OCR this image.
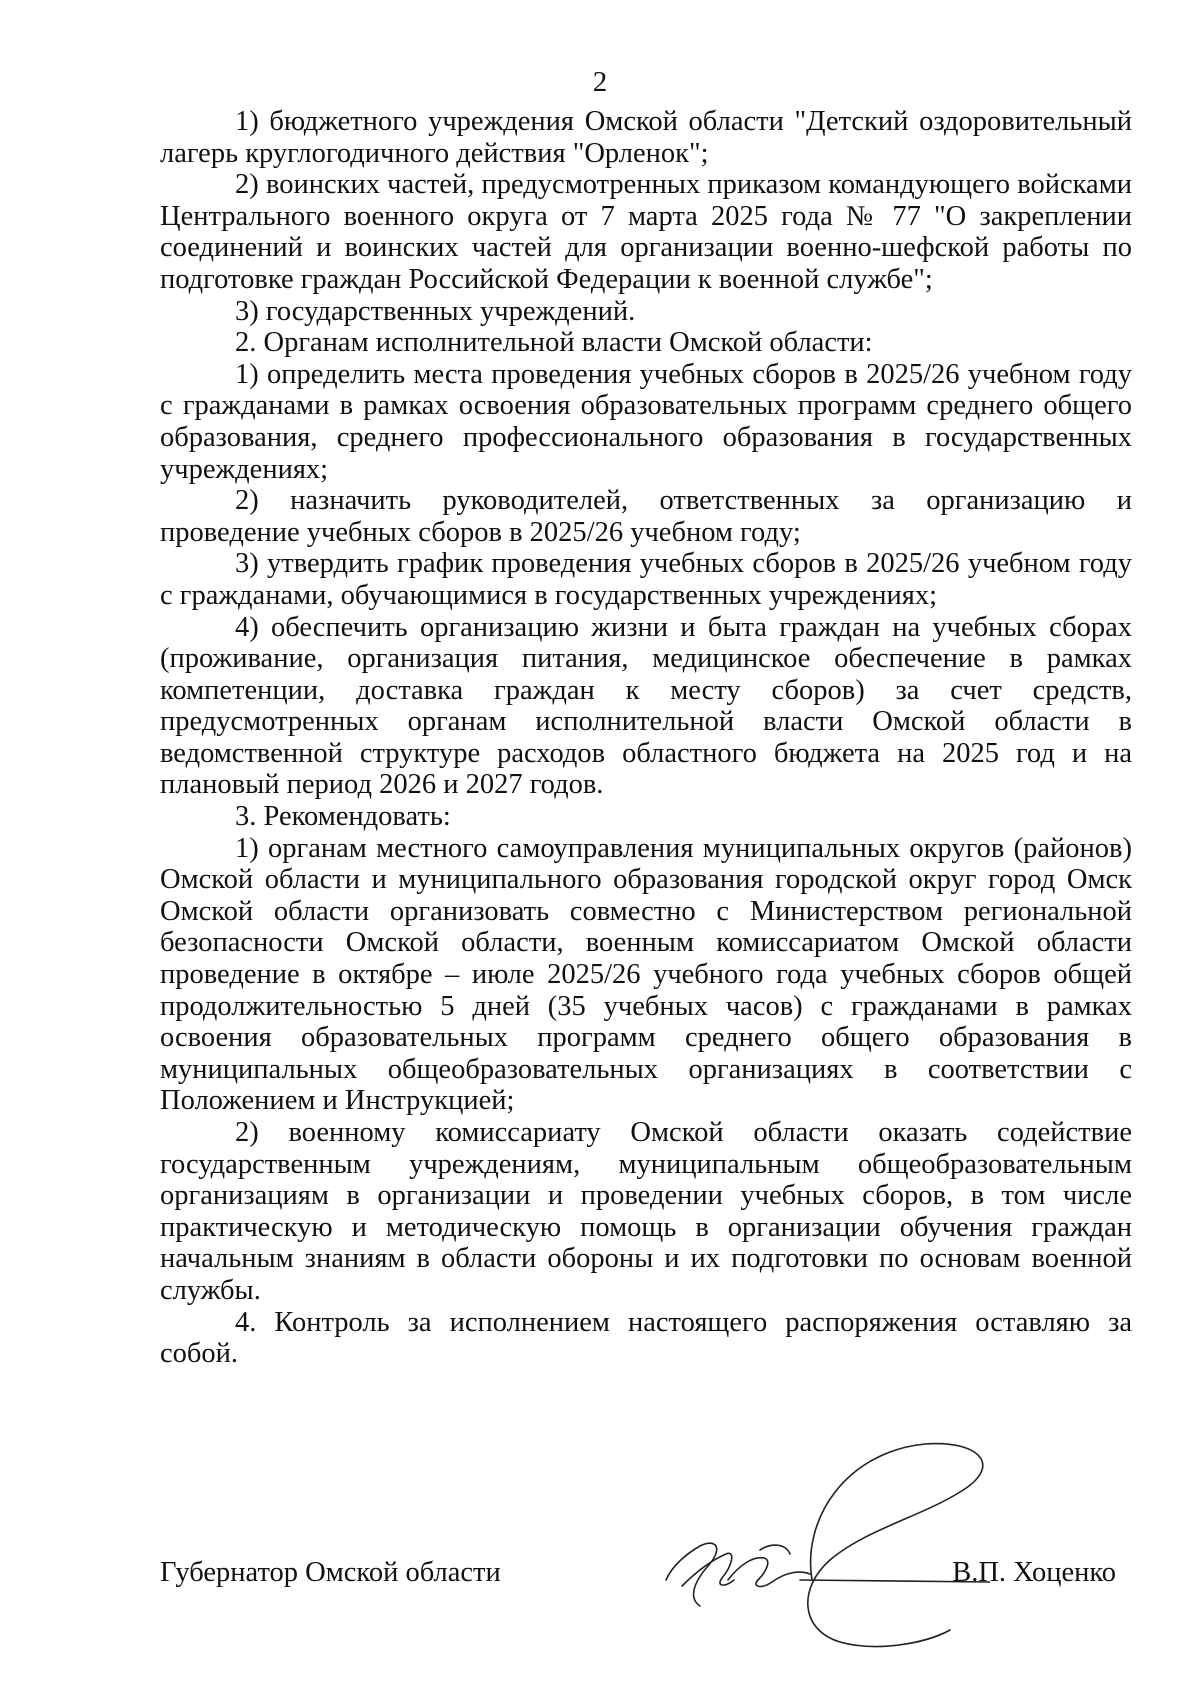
2

1) бюджетного учреждения Омской области "Детский оздоровительный лагерь круглогодичного действия "Орленок";

2) воинских частей, предусмотренных приказом командующего войсками Центрального военного округа от 7 марта 2025 года № 77 "О закреплении соединений и воинских частей для организации военно-шефской работы по подготовке граждан Российской Федерации к военной службе";

3) государственных учреждений.

2. Органам исполнительной власти Омской области:

1) определить места проведения учебных сборов в 2025/26 учебном году с гражданами в рамках освоения образовательных программ среднего общего образования, среднего профессионального образования в государственных учреждениях;

2) назначить руководителей, ответственных за организацию и проведение учебных сборов в 2025/26 учебном году;

3) утвердить график проведения учебных сборов в 2025/26 учебном году с гражданами, обучающимися в государственных учреждениях;

4) обеспечить организацию жизни и быта граждан на учебных сборах (проживание, организация питания, медицинское обеспечение в рамках компетенции, доставка граждан к месту сборов) за счет средств, предусмотренных органам исполнительной власти Омской области в ведомственной структуре расходов областного бюджета на 2025 год и на плановый период 2026 и 2027 годов.

3. Рекомендовать:

1) органам местного самоуправления муниципальных округов (районов) Омской области и муниципального образования городской округ город Омск Омской области организовать совместно с Министерством региональной безопасности Омской области, военным комиссариатом Омской области проведение в октябре – июле 2025/26 учебного года учебных сборов общей продолжительностью 5 дней (35 учебных часов) с гражданами в рамках освоения образовательных программ среднего общего образования в муниципальных общеобразовательных организациях в соответствии с Положением и Инструкцией;

2) военному комиссариату Омской области оказать содействие государственным учреждениям, муниципальным общеобразовательным организациям в организации и проведении учебных сборов, в том числе практическую и методическую помощь в организации обучения граждан начальным знаниям в области обороны и их подготовки по основам военной службы.

4. Контроль за исполнением настоящего распоряжения оставляю за собой.

Губернатор Омской области	В.П. Хоценко
